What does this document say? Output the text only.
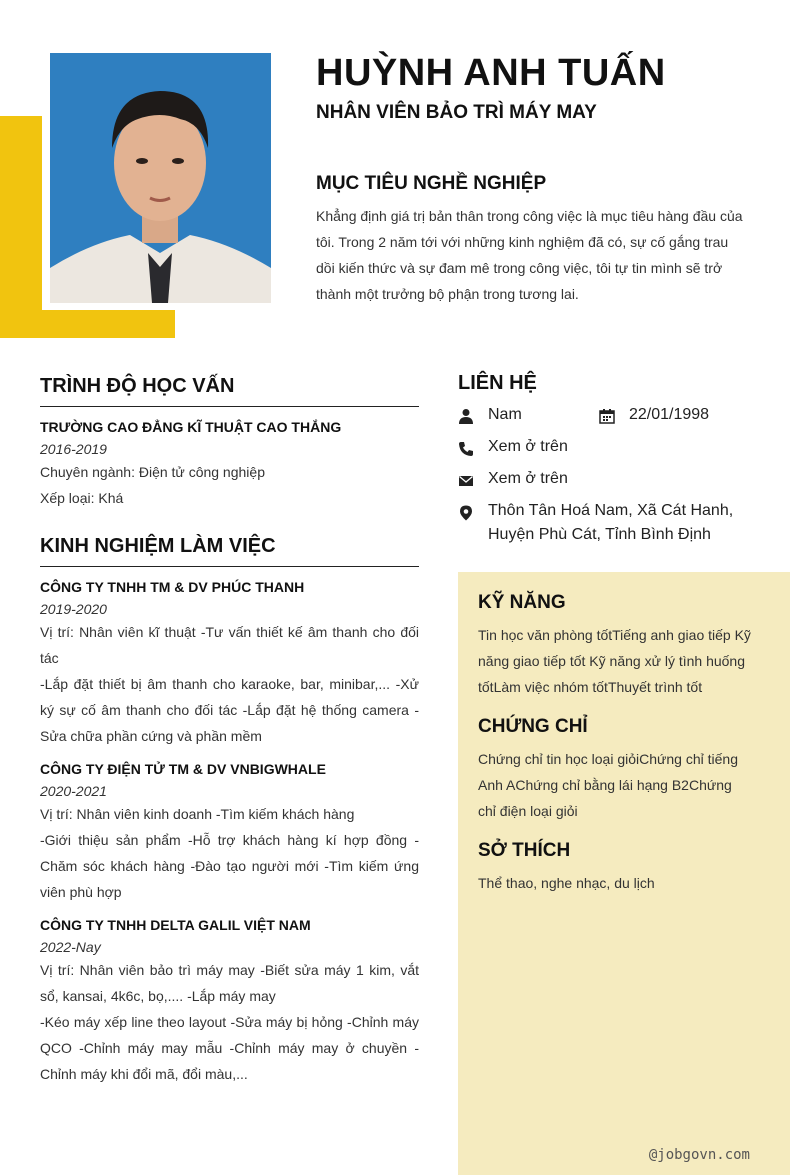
HUỲNH ANH TUẤN
NHÂN VIÊN BẢO TRÌ MÁY MAY
MỤC TIÊU NGHỀ NGHIỆP
Khẳng định giá trị bản thân trong công việc là mục tiêu hàng đầu của tôi. Trong 2 năm tới với những kinh nghiệm đã có, sự cố gắng trau dồi kiến thức và sự đam mê trong công việc, tôi tự tin mình sẽ trở thành một trưởng bộ phận trong tương lai.
TRÌNH ĐỘ HỌC VẤN
TRƯỜNG CAO ĐẲNG KĨ THUẬT CAO THẮNG
2016-2019
Chuyên ngành: Điện tử công nghiệp
Xếp loại: Khá
KINH NGHIỆM LÀM VIỆC
CÔNG TY TNHH TM & DV PHÚC THANH
2019-2020
Vị trí: Nhân viên kĩ thuật -Tư vấn thiết kế âm thanh cho đối tác
-Lắp đặt thiết bị âm thanh cho karaoke, bar, minibar,... -Xử ký sự cố âm thanh cho đối tác -Lắp đặt hệ thống camera -Sửa chữa phần cứng và phần mềm
CÔNG TY ĐIỆN TỬ TM & DV VNBIGWHALE
2020-2021
Vị trí: Nhân viên kinh doanh -Tìm kiếm khách hàng
-Giới thiệu sản phẩm -Hỗ trợ khách hàng kí hợp đồng -Chăm sóc khách hàng -Đào tạo người mới -Tìm kiếm ứng viên phù hợp
CÔNG TY TNHH DELTA GALIL VIỆT NAM
2022-Nay
Vị trí: Nhân viên bảo trì máy may -Biết sửa máy 1 kim, vắt sổ, kansai, 4k6c, bọ,.... -Lắp máy may
-Kéo máy xếp line theo layout -Sửa máy bị hỏng -Chỉnh máy QCO -Chỉnh máy may mẫu -Chỉnh máy may ở chuyền -Chỉnh máy khi đổi mã, đổi màu,...
LIÊN HỆ
Nam	22/01/1998
Xem ở trên
Xem ở trên
Thôn Tân Hoá Nam, Xã Cát Hanh,
Huyện Phù Cát, Tỉnh Bình Định
KỸ NĂNG
Tin học văn phòng tốtTiếng anh giao tiếp Kỹ năng giao tiếp tốt Kỹ năng xử lý tình huống tốtLàm việc nhóm tốtThuyết trình tốt
CHỨNG CHỈ
Chứng chỉ tin học loại giỏiChứng chỉ tiếng Anh AChứng chỉ bằng lái hạng B2Chứng chỉ điện loại giỏi
SỞ THÍCH
Thể thao, nghe nhạc, du lịch
@jobgovn.com
